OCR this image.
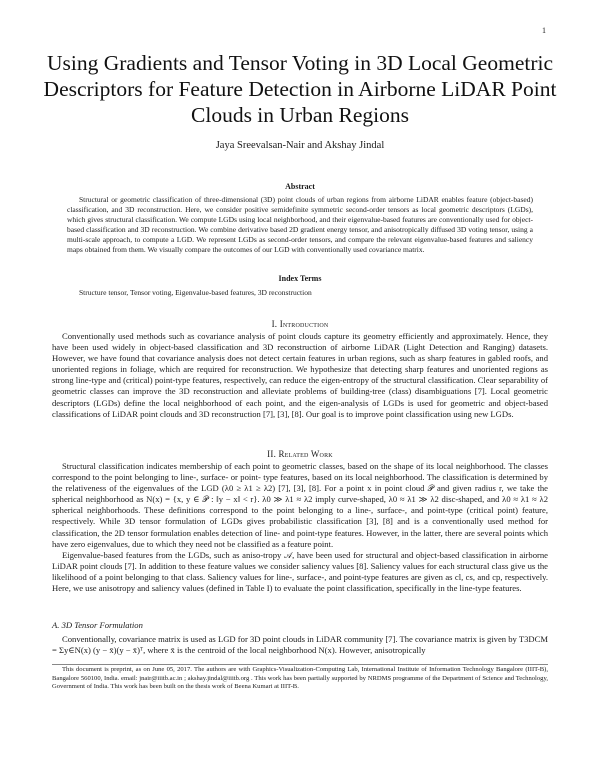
1
Using Gradients and Tensor Voting in 3D Local Geometric Descriptors for Feature Detection in Airborne LiDAR Point Clouds in Urban Regions
Jaya Sreevalsan-Nair and Akshay Jindal
Abstract
Structural or geometric classification of three-dimensional (3D) point clouds of urban regions from airborne LiDAR enables feature (object-based) classification, and 3D reconstruction. Here, we consider positive semidefinite symmetric second-order tensors as local geometric descriptors (LGDs), which gives structural classification. We compute LGDs using local neighborhood, and their eigenvalue-based features are conventionally used for object-based classification and 3D reconstruction. We combine derivative based 2D gradient energy tensor, and anisotropically diffused 3D voting tensor, using a multi-scale approach, to compute a LGD. We represent LGDs as second-order tensors, and compare the relevant eigenvalue-based features and saliency maps obtained from them. We visually compare the outcomes of our LGD with conventionally used covariance matrix.
Index Terms
Structure tensor, Tensor voting, Eigenvalue-based features, 3D reconstruction
I. Introduction

Conventionally used methods such as covariance analysis of point clouds capture its geometry efficiently and approximately. Hence, they have been used widely in object-based classification and 3D reconstruction of airborne LiDAR (Light Detection and Ranging) datasets. However, we have found that covariance analysis does not detect certain features in urban regions, such as sharp features in gabled roofs, and unoriented regions in foliage, which are required for reconstruction. We hypothesize that detecting sharp features and unoriented regions as strong line-type and (critical) point-type features, respectively, can reduce the eigen-entropy of the structural classification. Clear separability of geometric classes can improve the 3D reconstruction and alleviate problems of building-tree (class) disambiguations [7]. Local geometric descriptors (LGDs) define the local neighborhood of each point, and the eigen-analysis of LGDs is used for geometric and object-based classifications of LiDAR point clouds and 3D reconstruction [7], [3], [8]. Our goal is to improve point classification using new LGDs.

II. Related Work

Structural classification indicates membership of each point to geometric classes, based on the shape of its local neighborhood. The classes correspond to the point belonging to line-, surface- or point- type features, based on its local neighborhood. The classification is determined by the relativeness of the eigenvalues of the LGD (λ0 ≥ λ1 ≥ λ2) [7], [3], [8]. For a point x in point cloud 𝒫 and given radius r, we take the spherical neighborhood as N(x) = {x, y ∈ 𝒫 : ‖y − x‖ < r}. λ0 ≫ λ1 ≈ λ2 imply curve-shaped, λ0 ≈ λ1 ≫ λ2 disc-shaped, and λ0 ≈ λ1 ≈ λ2 spherical neighborhoods. These definitions correspond to the point belonging to a line-, surface-, and point-type (critical point) feature, respectively. While 3D tensor formulation of LGDs gives probabilistic classification [3], [8] and is a conventionally used method for classification, the 2D tensor formulation enables detection of line- and point-type features. However, in the latter, there are several points which have zero eigenvalues, due to which they need not be classified as a feature point.

Eigenvalue-based features from the LGDs, such as aniso-tropy 𝒜, have been used for structural and object-based classification in airborne LiDAR point clouds [7]. In addition to these feature values we consider saliency values [8]. Saliency values for each structural class give us the likelihood of a point belonging to that class. Saliency values for line-, surface-, and point-type features are given as cl, cs, and cp, respectively. Here, we use anisotropy and saliency values (defined in Table I) to evaluate the point classification, specifically in the line-type features.

A. 3D Tensor Formulation

Conventionally, covariance matrix is used as LGD for 3D point clouds in LiDAR community [7]. The covariance matrix is given by T3DCM = Σy∈N(x) (y − x̄)(y − x̄)ᵀ, where x̄ is the centroid of the local neighborhood N(x). However, anisotropically

This document is preprint, as on June 05, 2017. The authors are with Graphics-Visualization-Computing Lab, International Institute of Information Technology Bangalore (IIIT-B), Bangalore 560100, India. email: jnair@iiitb.ac.in ; akshay.jindal@iiitb.org . This work has been partially supported by NRDMS programme of the Department of Science and Technology, Government of India. This work has been built on the thesis work of Beena Kumari at IIIT-B.
